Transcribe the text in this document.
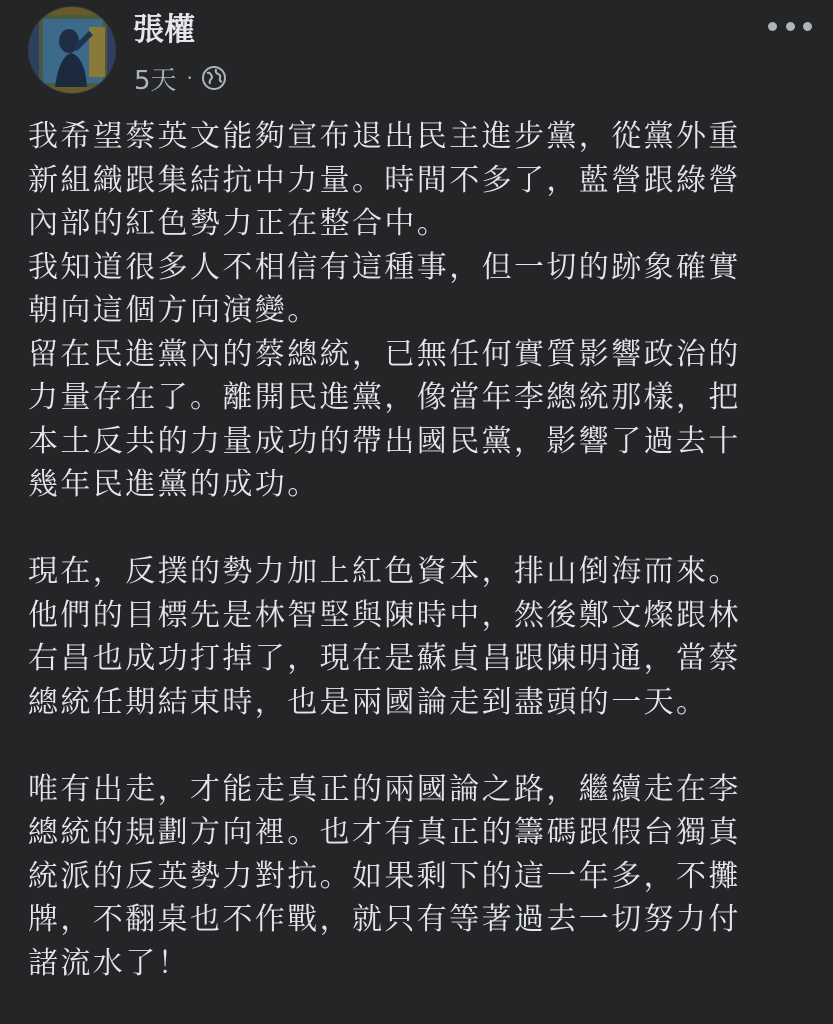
張權
5天 ·

我希望蔡英文能夠宣布退出民主進步黨，從黨外重

新組織跟集結抗中力量。時間不多了，藍營跟綠營

內部的紅色勢力正在整合中。

我知道很多人不相信有這種事，但一切的跡象確實

朝向這個方向演變。

留在民進黨內的蔡總統，已無任何實質影響政治的

力量存在了。離開民進黨，像當年李總統那樣，把

本土反共的力量成功的帶出國民黨，影響了過去十

幾年民進黨的成功。

現在，反撲的勢力加上紅色資本，排山倒海而來。

他們的目標先是林智堅與陳時中，然後鄭文燦跟林

右昌也成功打掉了，現在是蘇貞昌跟陳明通，當蔡

總統任期結束時，也是兩國論走到盡頭的一天。

唯有出走，才能走真正的兩國論之路，繼續走在李

總統的規劃方向裡。也才有真正的籌碼跟假台獨真

統派的反英勢力對抗。如果剩下的這一年多，不攤

牌，不翻桌也不作戰，就只有等著過去一切努力付

諸流水了！
